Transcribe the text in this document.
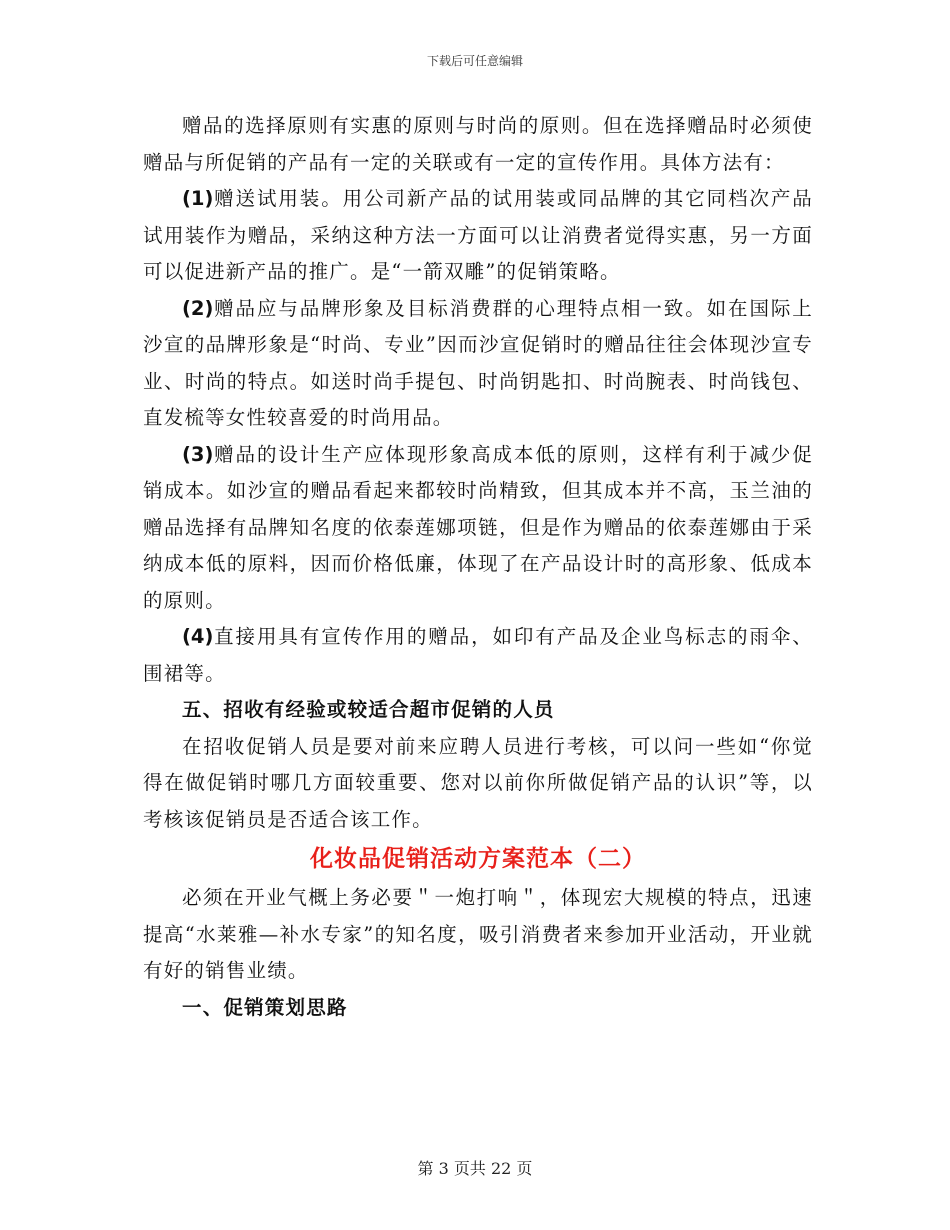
下载后可任意编辑

赠品的选择原则有实惠的原则与时尚的原则。但在选择赠品时必须使赠品与所促销的产品有一定的关联或有一定的宣传作用。具体方法有：

(1)赠送试用装。用公司新产品的试用装或同品牌的其它同档次产品试用装作为赠品，采纳这种方法一方面可以让消费者觉得实惠，另一方面可以促进新产品的推广。是“一箭双雕”的促销策略。

(2)赠品应与品牌形象及目标消费群的心理特点相一致。如在国际上沙宣的品牌形象是“时尚、专业”因而沙宣促销时的赠品往往会体现沙宣专业、时尚的特点。如送时尚手提包、时尚钥匙扣、时尚腕表、时尚钱包、直发梳等女性较喜爱的时尚用品。

(3)赠品的设计生产应体现形象高成本低的原则，这样有利于减少促销成本。如沙宣的赠品看起来都较时尚精致，但其成本并不高，玉兰油的赠品选择有品牌知名度的依泰莲娜项链，但是作为赠品的依泰莲娜由于采纳成本低的原料，因而价格低廉，体现了在产品设计时的高形象、低成本的原则。

(4)直接用具有宣传作用的赠品，如印有产品及企业鸟标志的雨伞、围裙等。

五、招收有经验或较适合超市促销的人员

在招收促销人员是要对前来应聘人员进行考核，可以问一些如“你觉得在做促销时哪几方面较重要、您对以前你所做促销产品的认识”等，以考核该促销员是否适合该工作。

化妆品促销活动方案范本（二）

必须在开业气概上务必要＂一炮打响＂，体现宏大规模的特点，迅速提高“水莱雅—补水专家”的知名度，吸引消费者来参加开业活动，开业就有好的销售业绩。

一、促销策划思路
第 3 页共 22 页
